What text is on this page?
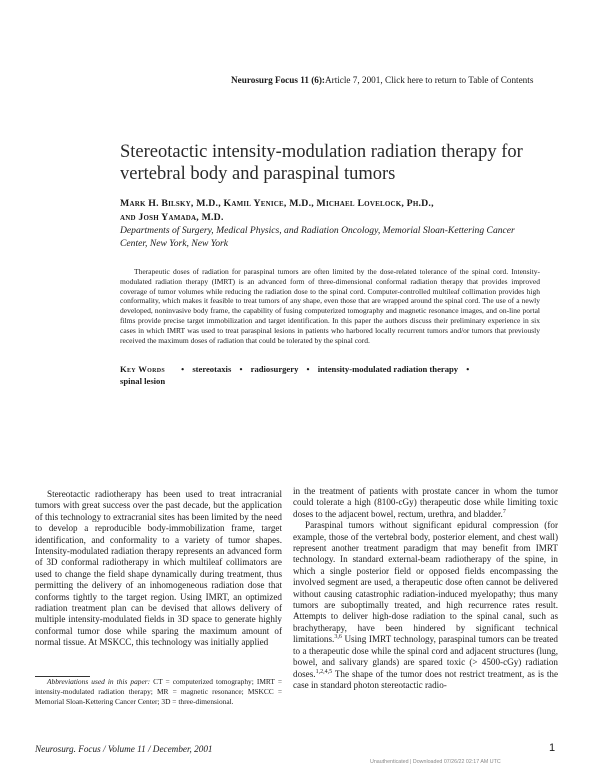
Neurosurg Focus 11 (6):Article 7, 2001, Click here to return to Table of Contents
Stereotactic intensity-modulation radiation therapy for vertebral body and paraspinal tumors
Mark H. Bilsky, M.D., Kamil Yenice, M.D., Michael Lovelock, Ph.D.,
and Josh Yamada, M.D.
Departments of Surgery, Medical Physics, and Radiation Oncology, Memorial Sloan-Kettering Cancer Center, New York, New York

Therapeutic doses of radiation for paraspinal tumors are often limited by the dose-related tolerance of the spinal cord. Intensity-modulated radiation therapy (IMRT) is an advanced form of three-dimensional conformal radiation therapy that provides improved coverage of tumor volumes while reducing the radiation dose to the spinal cord. Computer-controlled multileaf collimation provides high conformality, which makes it feasible to treat tumors of any shape, even those that are wrapped around the spinal cord. The use of a newly developed, noninvasive body frame, the capability of fusing computerized tomography and magnetic resonance images, and on-line portal films provide precise target immobilization and target identification. In this paper the authors discuss their preliminary experience in six cases in which IMRT was used to treat paraspinal lesions in patients who harbored locally recurrent tumors and/or tumors that previously received the maximum doses of radiation that could be tolerated by the spinal cord.

Key Words • stereotaxis • radiosurgery • intensity-modulated radiation therapy •
spinal lesion

Stereotactic radiotherapy has been used to treat intracranial tumors with great success over the past decade, but the application of this technology to extracranial sites has been limited by the need to develop a reproducible body-immobilization frame, target identification, and conformality to a variety of tumor shapes. Intensity-modulated radiation therapy represents an advanced form of 3D conformal radiotherapy in which multileaf collimators are used to change the field shape dynamically during treatment, thus permitting the delivery of an inhomogeneous radiation dose that conforms tightly to the target region. Using IMRT, an optimized radiation treatment plan can be devised that allows delivery of multiple intensity-modulated fields in 3D space to generate highly conformal tumor dose while sparing the maximum amount of normal tissue. At MSKCC, this technology was initially applied

in the treatment of patients with prostate cancer in whom the tumor could tolerate a high (8100-cGy) therapeutic dose while limiting toxic doses to the adjacent bowel, rectum, urethra, and bladder.$^7$

Paraspinal tumors without significant epidural compression (for example, those of the vertebral body, posterior element, and chest wall) represent another treatment paradigm that may benefit from IMRT technology. In standard external-beam radiotherapy of the spine, in which a single posterior field or opposed fields encompassing the involved segment are used, a therapeutic dose often cannot be delivered without causing catastrophic radiation-induced myelopathy; thus many tumors are suboptimally treated, and high recurrence rates result. Attempts to deliver high-dose radiation to the spinal canal, such as brachytherapy, have been hindered by significant technical limitations.$^{3,6}$ Using IMRT technology, paraspinal tumors can be treated to a therapeutic dose while the spinal cord and adjacent structures (lung, bowel, and salivary glands) are spared toxic (> 4500-cGy) radiation doses.$^{1,2,4,5}$ The shape of the tumor does not restrict treatment, as is the case in standard photon stereotactic radio-

Abbreviations used in this paper: CT = computerized tomography; IMRT = intensity-modulated radiation therapy; MR = magnetic resonance; MSKCC = Memorial Sloan-Kettering Cancer Center; 3D = three-dimensional.

Neurosurg. Focus / Volume 11 / December, 2001	1
Unauthenticated | Downloaded 07/26/22 02:17 AM UTC
